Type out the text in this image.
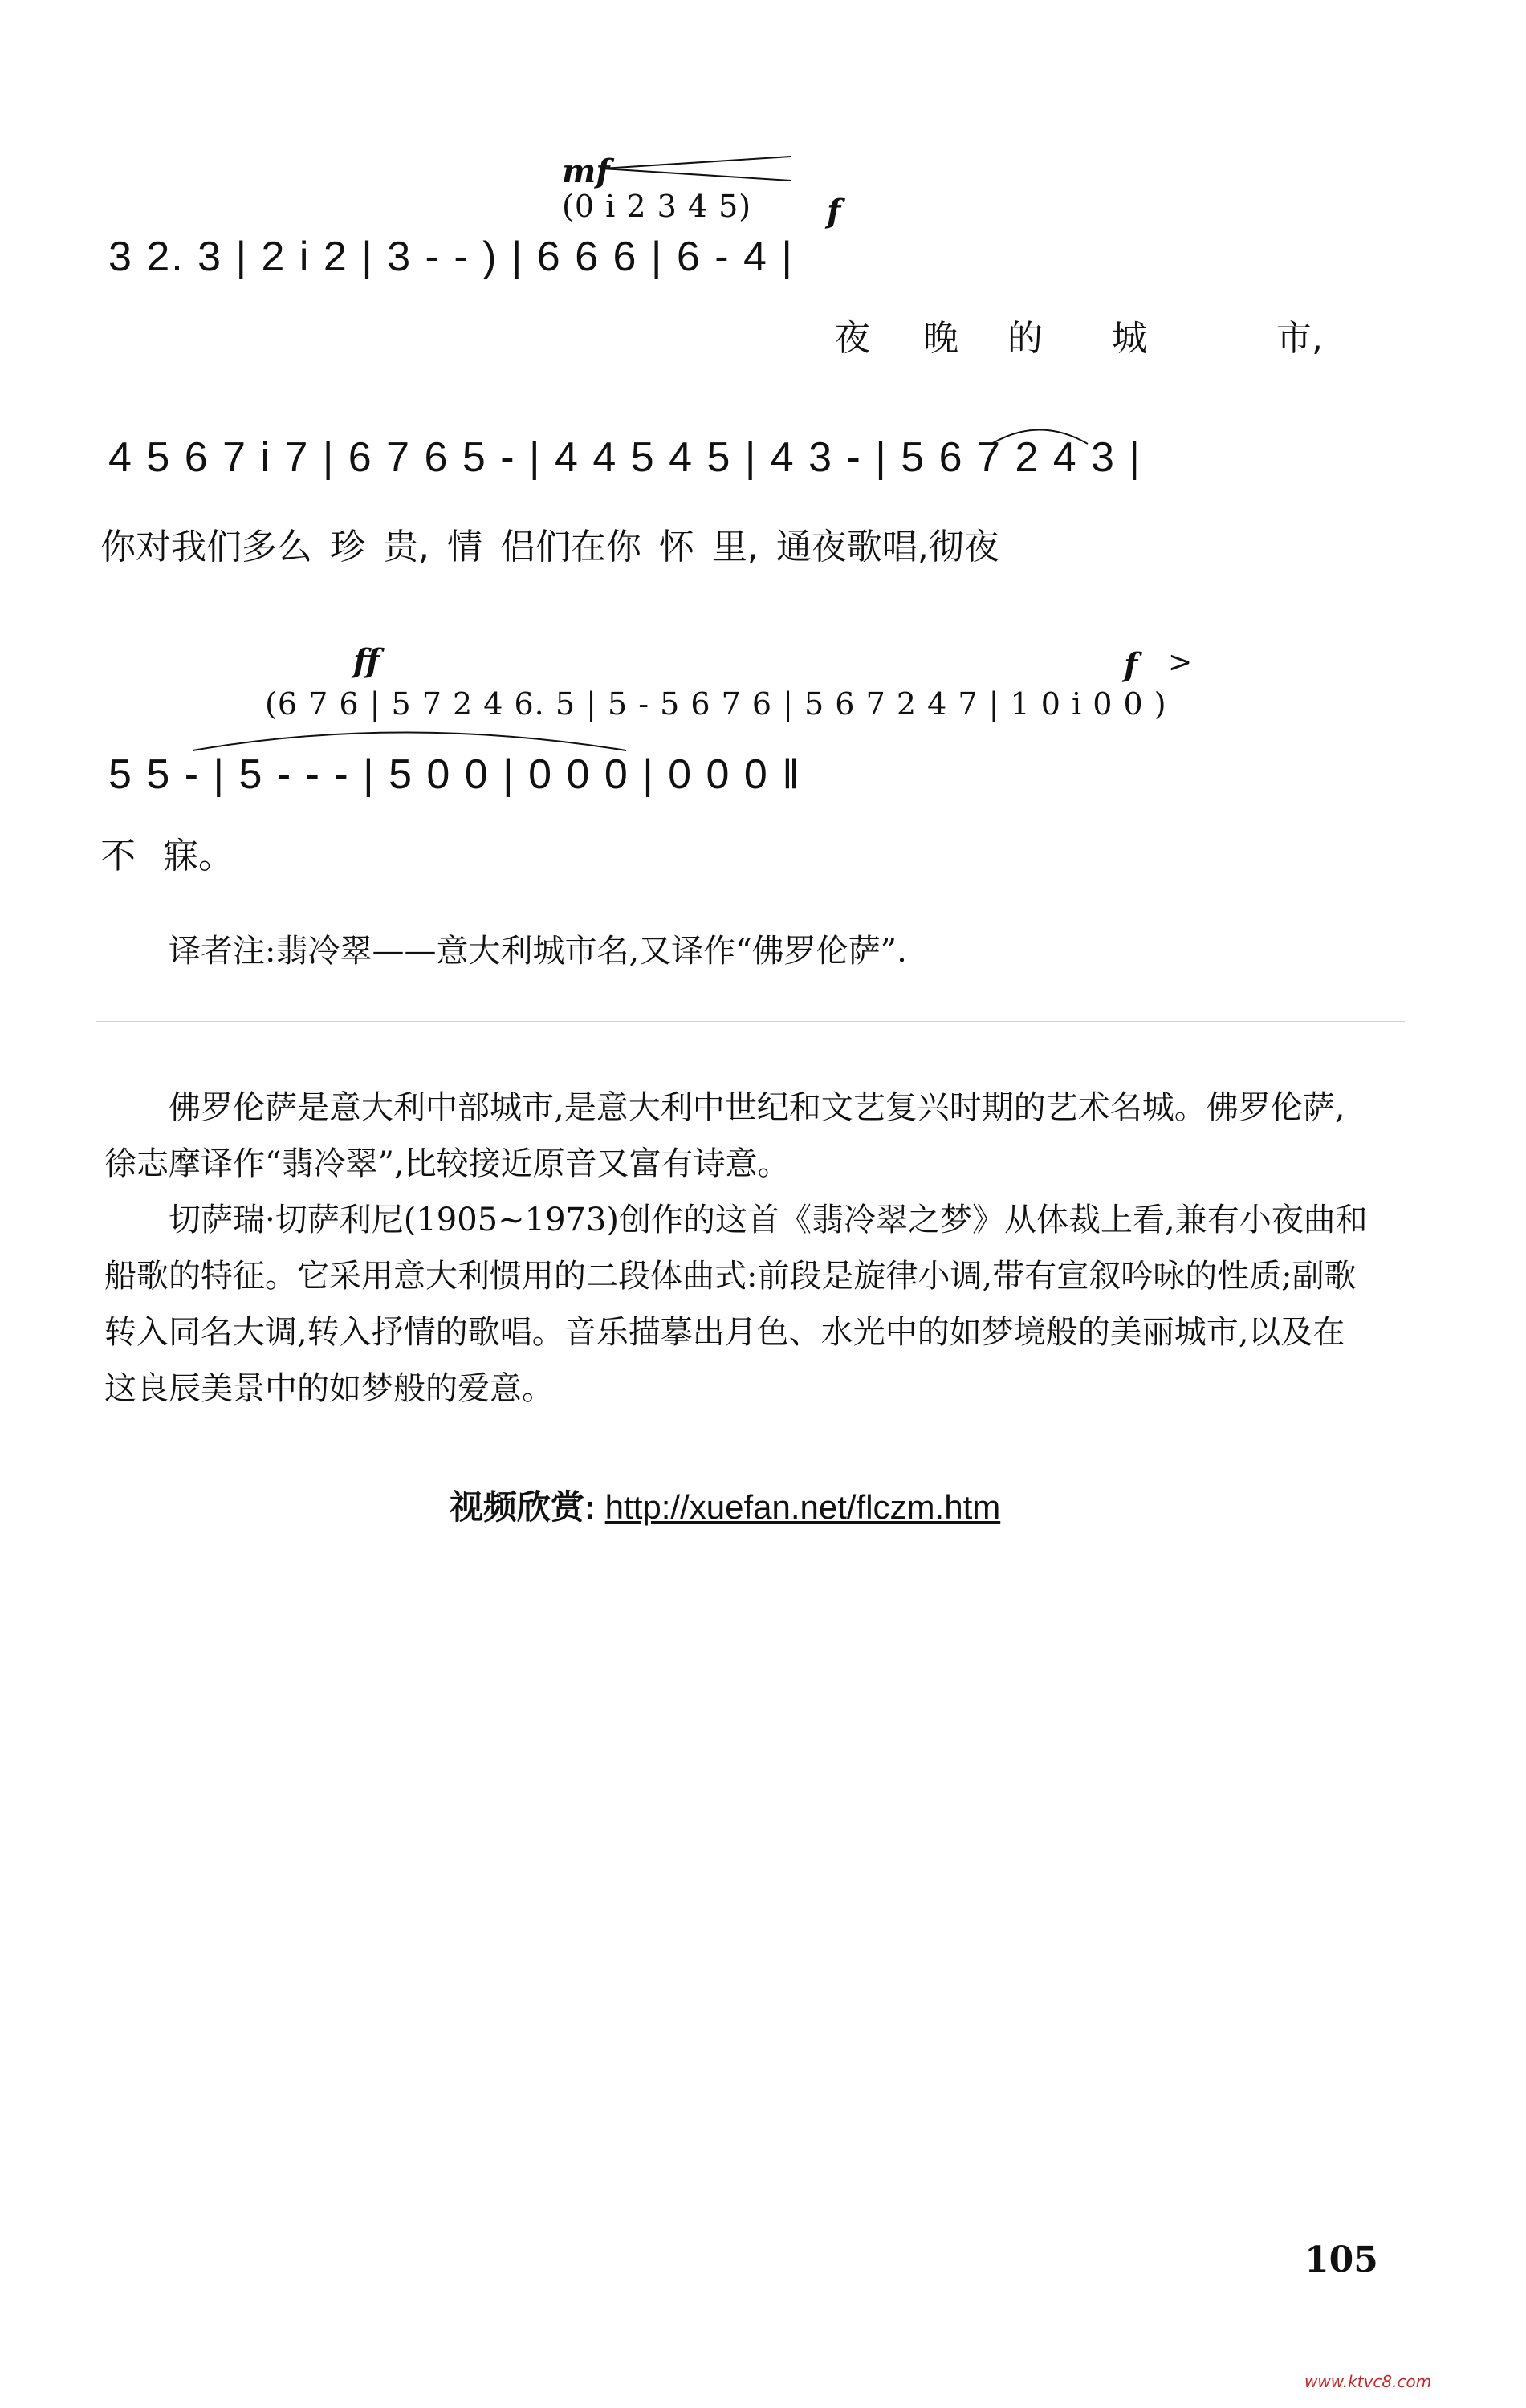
mf
(0 i 2 3 4 5) f
3 2. 3 | 2 i 2 | 3 - - ) | 6 6 6 | 6 - 4 |
夜 晚 的 城	市,
4 5 6 7 i 7 | 6 7 6 5 - | 4 4 5 4 5 | 4 3 - | 5 6 7 2 4 3 |
你对我们多么 珍 贵, 情 侣们在你 怀 里, 通夜歌唱,彻夜
ff	f >
(6 7 6 | 5 7 2 4 6. 5 | 5 - 5 6 7 6 | 5 6 7 2 4 7 | 1 0 i 0 0 )
5 5 - | 5 - - - | 5 0 0 | 0 0 0 | 0 0 0 ‖
不 寐。
译者注:翡冷翠——意大利城市名,又译作“佛罗伦萨”.
佛罗伦萨是意大利中部城市,是意大利中世纪和文艺复兴时期的艺术名城。佛罗伦萨,徐志摩译作“翡冷翠”,比较接近原音又富有诗意。
切萨瑞·切萨利尼(1905~1973)创作的这首《翡冷翠之梦》从体裁上看,兼有小夜曲和船歌的特征。它采用意大利惯用的二段体曲式:前段是旋律小调,带有宣叙吟咏的性质;副歌转入同名大调,转入抒情的歌唱。音乐描摹出月色、水光中的如梦境般的美丽城市,以及在这良辰美景中的如梦般的爱意。
视频欣赏: http://xuefan.net/flczm.htm
105
www.ktvc8.com
